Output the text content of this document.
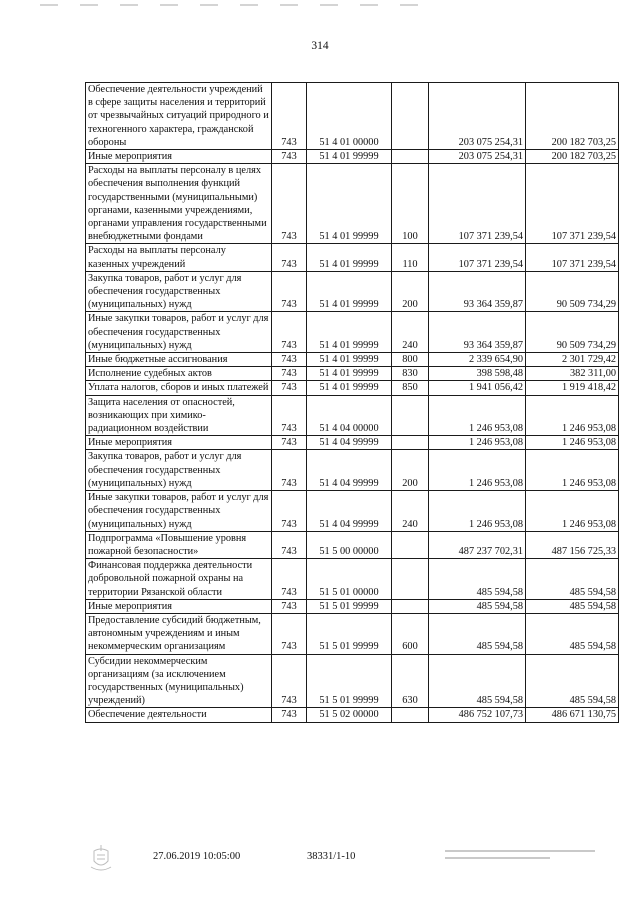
314
Обеспечение деятельности учреждений в сфере защиты населения и территорий от чрезвычайных ситуаций природного и техногенного характера, гражданской обороны	743	51 4 01 00000		203 075 254,31	200 182 703,25
Иные мероприятия	743	51 4 01 99999		203 075 254,31	200 182 703,25
Расходы на выплаты персоналу в целях обеспечения выполнения функций государственными (муниципальными) органами, казенными учреждениями, органами управления государственными внебюджетными фондами	743	51 4 01 99999	100	107 371 239,54	107 371 239,54
Расходы на выплаты персоналу казенных учреждений	743	51 4 01 99999	110	107 371 239,54	107 371 239,54
Закупка товаров, работ и услуг для обеспечения государственных (муниципальных) нужд	743	51 4 01 99999	200	93 364 359,87	90 509 734,29
Иные закупки товаров, работ и услуг для обеспечения государственных (муниципальных) нужд	743	51 4 01 99999	240	93 364 359,87	90 509 734,29
Иные бюджетные ассигнования	743	51 4 01 99999	800	2 339 654,90	2 301 729,42
Исполнение судебных актов	743	51 4 01 99999	830	398 598,48	382 311,00
Уплата налогов, сборов и иных платежей	743	51 4 01 99999	850	1 941 056,42	1 919 418,42
Защита населения от опасностей, возникающих при химико-радиационном воздействии	743	51 4 04 00000		1 246 953,08	1 246 953,08
Иные мероприятия	743	51 4 04 99999		1 246 953,08	1 246 953,08
Закупка товаров, работ и услуг для обеспечения государственных (муниципальных) нужд	743	51 4 04 99999	200	1 246 953,08	1 246 953,08
Иные закупки товаров, работ и услуг для обеспечения государственных (муниципальных) нужд	743	51 4 04 99999	240	1 246 953,08	1 246 953,08
Подпрограмма «Повышение уровня пожарной безопасности»	743	51 5 00 00000		487 237 702,31	487 156 725,33
Финансовая поддержка деятельности добровольной пожарной охраны на территории Рязанской области	743	51 5 01 00000		485 594,58	485 594,58
Иные мероприятия	743	51 5 01 99999		485 594,58	485 594,58
Предоставление субсидий бюджетным, автономным учреждениям и иным некоммерческим организациям	743	51 5 01 99999	600	485 594,58	485 594,58
Субсидии некоммерческим организациям (за исключением государственных (муниципальных) учреждений)	743	51 5 01 99999	630	485 594,58	485 594,58
Обеспечение деятельности	743	51 5 02 00000		486 752 107,73	486 671 130,75
27.06.2019 10:05:00	38331/1-10
